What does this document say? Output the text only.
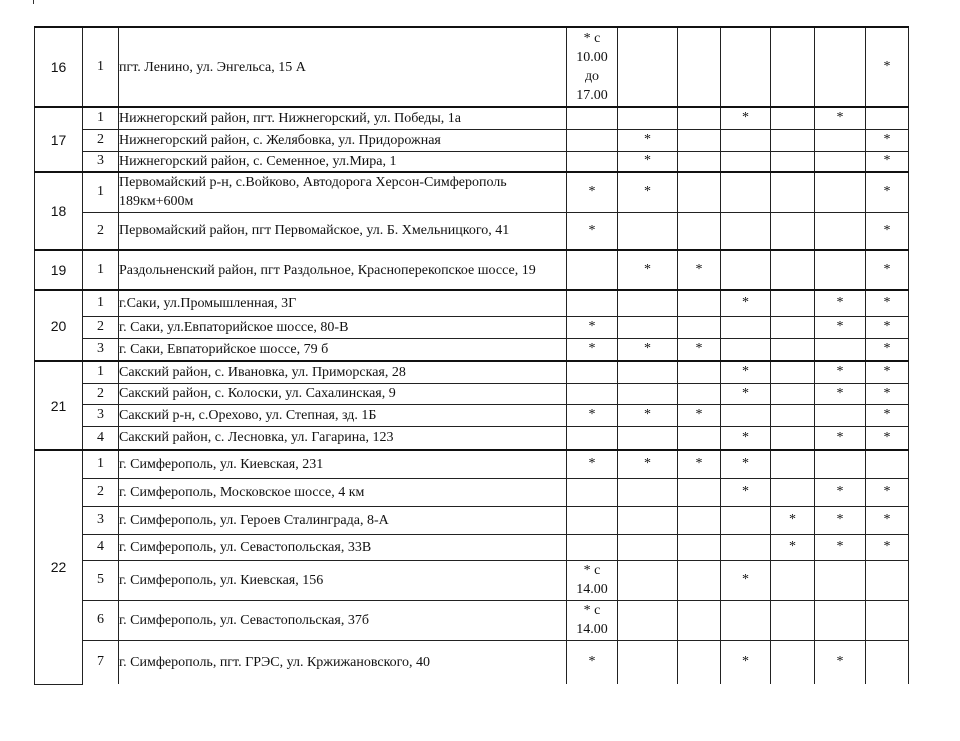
16	1	пгт. Ленино, ул. Энгельса, 15 А	* с
10.00
до
17.00						*
17	1	Нижнегорский район, пгт. Нижнегорский, ул. Победы, 1а				*		*	
	2	Нижнегорский район, с. Желябовка, ул. Придорожная		*					*
	3	Нижнегорский район, с. Семенное, ул.Мира, 1		*					*
18	1	Первомайский р-н, с.Войково, Автодорога Херсон-Симферополь 189км+600м	*	*					*
	2	Первомайский район, пгт Первомайское, ул. Б. Хмельницкого, 41	*						*
19	1	Раздольненский район, пгт Раздольное, Красноперекопское шоссе, 19		*	*				*
20	1	г.Саки, ул.Промышленная, 3Г				*		*	*
	2	г. Саки, ул.Евпаторийское шоссе, 80-В	*					*	*
	3	г. Саки, Евпаторийское шоссе, 79 б	*	*	*				*
21	1	Сакский район, с. Ивановка, ул. Приморская, 28				*		*	*
	2	Сакский район, с. Колоски, ул. Сахалинская, 9				*		*	*
	3	Сакский р-н, с.Орехово, ул. Степная, зд. 1Б	*	*	*				*
	4	Сакский район, с. Лесновка, ул. Гагарина, 123				*		*	*
22	1	г. Симферополь, ул. Киевская, 231	*	*	*	*			
	2	г. Симферополь, Московское шоссе, 4 км				*		*	*
	3	г. Симферополь, ул. Героев Сталинграда, 8-А					*	*	*
	4	г. Симферополь, ул. Севастопольская, 33В					*	*	*
	5	г. Симферополь, ул. Киевская, 156	* с
14.00			*			
	6	г. Симферополь, ул. Севастопольская, 37б	* с
14.00						
	7	г. Симферополь, пгт. ГРЭС, ул. Кржижановского, 40	*			*		*	
